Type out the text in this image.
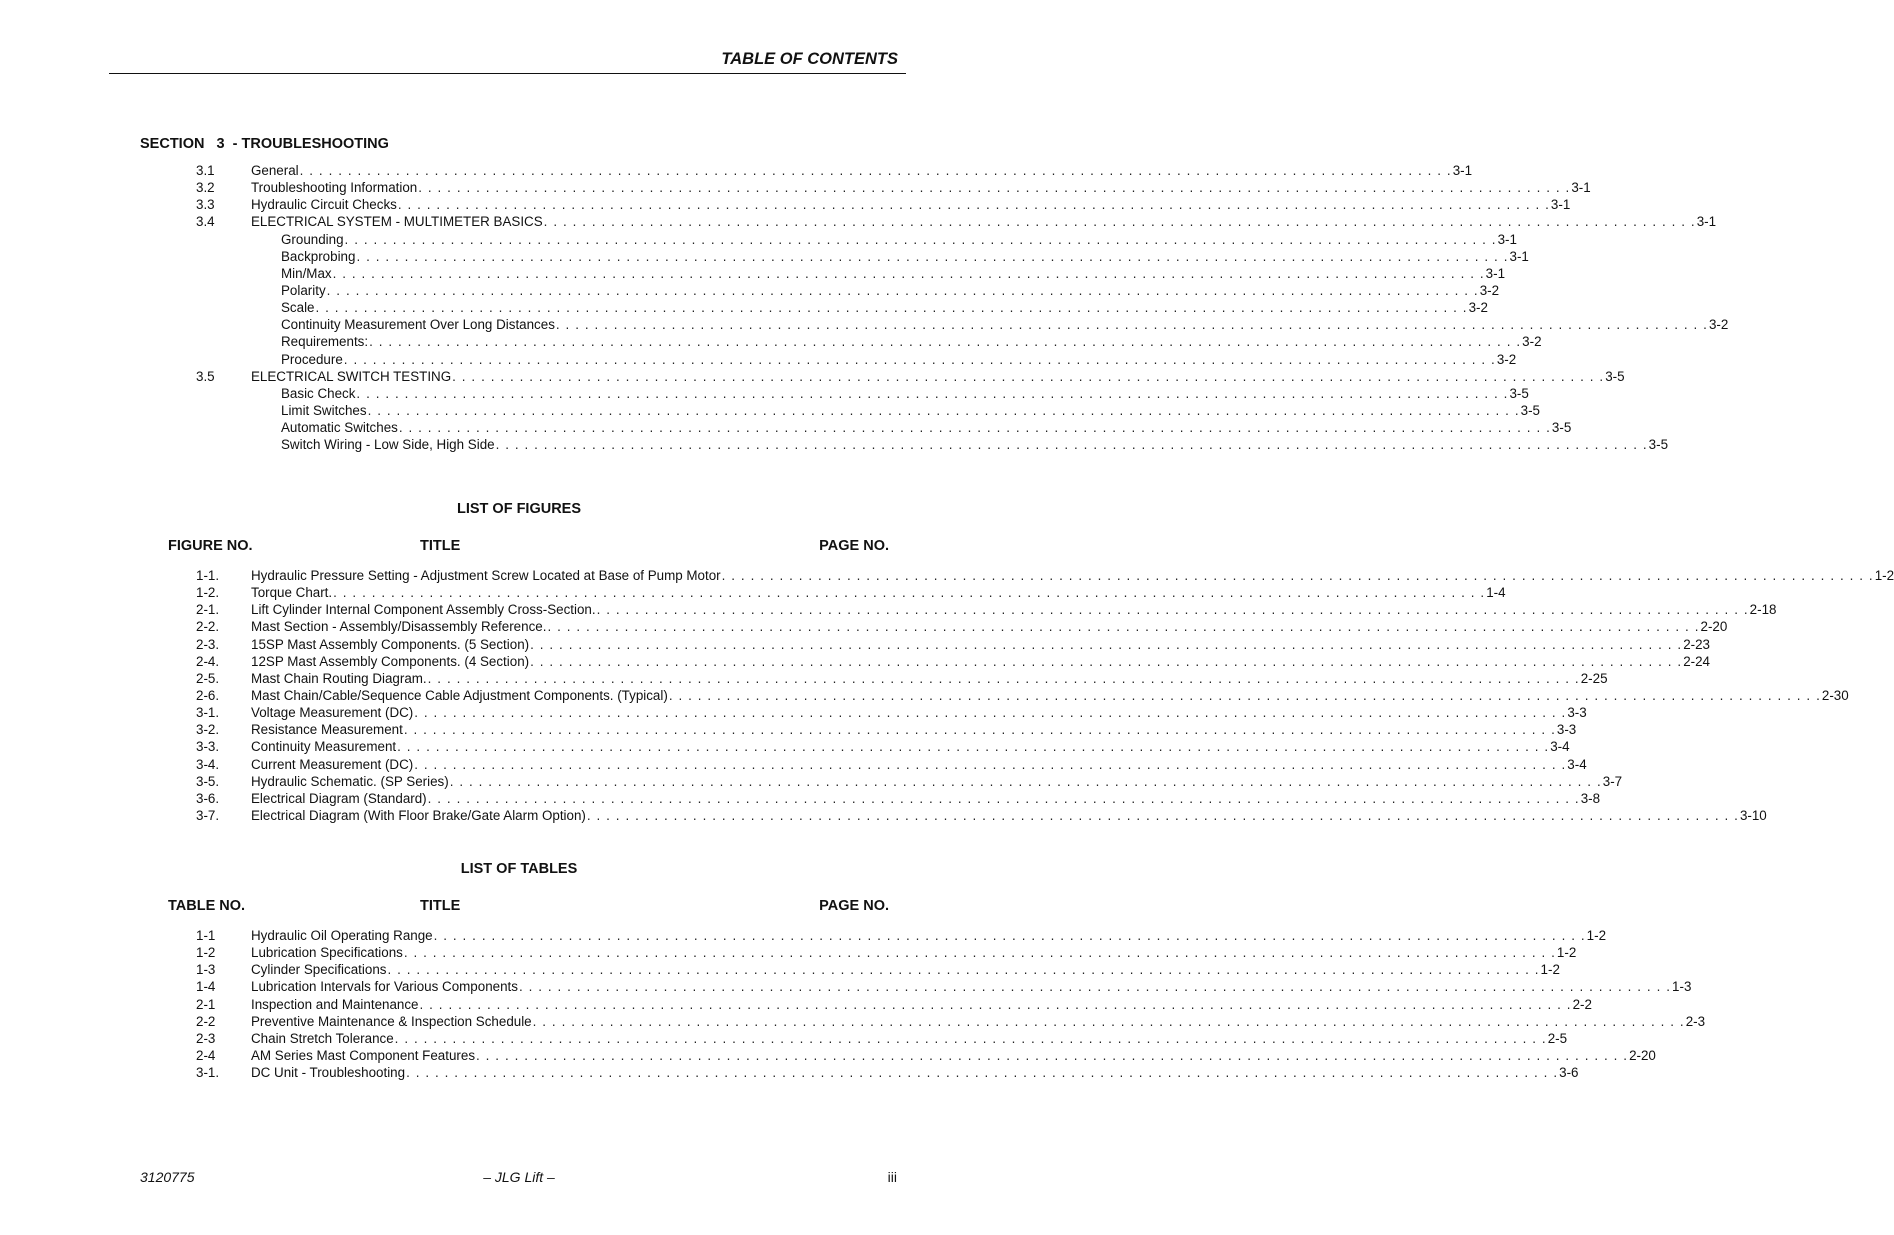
TABLE OF CONTENTS
SECTION   3  - TROUBLESHOOTING
3.1	General . . . . . . . . . . . . . . . . . . . . . . . . . . . . . . . . . . . . . . . . . . . . . . . . . . . . . . . . . . . . . . . . . . . . . . . . . . . . . . . . . . . . . . . . . . . . . . . . . . . . . . . . . . . . . . . . . . . . . . . . 3-1
3.2	Troubleshooting Information . . . . . . . . . . . . . . . . . . . . . . . . . . . . . . . . . . . . . . . . . . . . . . . . . . . . . . . . . . . . . . . . . . . . . . . . . . . . . . . . . . . . . . . . . . . . . . . . . . . . . . . . . . . . . . . . . . . . . . . . 3-1
3.3	Hydraulic Circuit Checks . . . . . . . . . . . . . . . . . . . . . . . . . . . . . . . . . . . . . . . . . . . . . . . . . . . . . . . . . . . . . . . . . . . . . . . . . . . . . . . . . . . . . . . . . . . . . . . . . . . . . . . . . . . . . . . . . . . . . . . . 3-1
3.4	ELECTRICAL SYSTEM - MULTIMETER BASICS . . . . . . . . . . . . . . . . . . . . . . . . . . . . . . . . . . . . . . . . . . . . . . . . . . . . . . . . . . . . . . . . . . . . . . . . . . . . . . . . . . . . . . . . . . . . . . . . . . . . . . . . . . . . . . . . . . . . . . . . 3-1
Grounding . . . . . . . . . . . . . . . . . . . . . . . . . . . . . . . . . . . . . . . . . . . . . . . . . . . . . . . . . . . . . . . . . . . . . . . . . . . . . . . . . . . . . . . . . . . . . . . . . . . . . . . . . . . . . . . . . . . . . . . . 3-1
Backprobing . . . . . . . . . . . . . . . . . . . . . . . . . . . . . . . . . . . . . . . . . . . . . . . . . . . . . . . . . . . . . . . . . . . . . . . . . . . . . . . . . . . . . . . . . . . . . . . . . . . . . . . . . . . . . . . . . . . . . . . . 3-1
Min/Max . . . . . . . . . . . . . . . . . . . . . . . . . . . . . . . . . . . . . . . . . . . . . . . . . . . . . . . . . . . . . . . . . . . . . . . . . . . . . . . . . . . . . . . . . . . . . . . . . . . . . . . . . . . . . . . . . . . . . . . . 3-1
Polarity . . . . . . . . . . . . . . . . . . . . . . . . . . . . . . . . . . . . . . . . . . . . . . . . . . . . . . . . . . . . . . . . . . . . . . . . . . . . . . . . . . . . . . . . . . . . . . . . . . . . . . . . . . . . . . . . . . . . . . . . 3-2
Scale . . . . . . . . . . . . . . . . . . . . . . . . . . . . . . . . . . . . . . . . . . . . . . . . . . . . . . . . . . . . . . . . . . . . . . . . . . . . . . . . . . . . . . . . . . . . . . . . . . . . . . . . . . . . . . . . . . . . . . . . 3-2
Continuity Measurement Over Long Distances . . . . . . . . . . . . . . . . . . . . . . . . . . . . . . . . . . . . . . . . . . . . . . . . . . . . . . . . . . . . . . . . . . . . . . . . . . . . . . . . . . . . . . . . . . . . . . . . . . . . . . . . . . . . . . . . . . . . . . . . 3-2
Requirements: . . . . . . . . . . . . . . . . . . . . . . . . . . . . . . . . . . . . . . . . . . . . . . . . . . . . . . . . . . . . . . . . . . . . . . . . . . . . . . . . . . . . . . . . . . . . . . . . . . . . . . . . . . . . . . . . . . . . . . . . 3-2
Procedure . . . . . . . . . . . . . . . . . . . . . . . . . . . . . . . . . . . . . . . . . . . . . . . . . . . . . . . . . . . . . . . . . . . . . . . . . . . . . . . . . . . . . . . . . . . . . . . . . . . . . . . . . . . . . . . . . . . . . . . . 3-2
3.5	ELECTRICAL SWITCH TESTING . . . . . . . . . . . . . . . . . . . . . . . . . . . . . . . . . . . . . . . . . . . . . . . . . . . . . . . . . . . . . . . . . . . . . . . . . . . . . . . . . . . . . . . . . . . . . . . . . . . . . . . . . . . . . . . . . . . . . . . . 3-5
Basic Check . . . . . . . . . . . . . . . . . . . . . . . . . . . . . . . . . . . . . . . . . . . . . . . . . . . . . . . . . . . . . . . . . . . . . . . . . . . . . . . . . . . . . . . . . . . . . . . . . . . . . . . . . . . . . . . . . . . . . . . . 3-5
Limit Switches . . . . . . . . . . . . . . . . . . . . . . . . . . . . . . . . . . . . . . . . . . . . . . . . . . . . . . . . . . . . . . . . . . . . . . . . . . . . . . . . . . . . . . . . . . . . . . . . . . . . . . . . . . . . . . . . . . . . . . . . 3-5
Automatic Switches . . . . . . . . . . . . . . . . . . . . . . . . . . . . . . . . . . . . . . . . . . . . . . . . . . . . . . . . . . . . . . . . . . . . . . . . . . . . . . . . . . . . . . . . . . . . . . . . . . . . . . . . . . . . . . . . . . . . . . . . 3-5
Switch Wiring - Low Side, High Side . . . . . . . . . . . . . . . . . . . . . . . . . . . . . . . . . . . . . . . . . . . . . . . . . . . . . . . . . . . . . . . . . . . . . . . . . . . . . . . . . . . . . . . . . . . . . . . . . . . . . . . . . . . . . . . . . . . . . . . . 3-5
LIST OF FIGURES
FIGURE NO.	TITLE	PAGE NO.
1-1.	Hydraulic Pressure Setting - Adjustment Screw Located at Base of Pump Motor . . . . . . . . . . . . . . . . . . . . . . . . . . . . . . . . . . . . . . . . . . . . . . . . . . . . . . . . . . . . . . . . . . . . . . . . . . . . . . . . . . . . . . . . . . . . . . . . . . . . . . . . . . . . . . . . . . . . . . . . 1-2
1-2.	Torque Chart. . . . . . . . . . . . . . . . . . . . . . . . . . . . . . . . . . . . . . . . . . . . . . . . . . . . . . . . . . . . . . . . . . . . . . . . . . . . . . . . . . . . . . . . . . . . . . . . . . . . . . . . . . . . . . . . . . . . . . . . . 1-4
2-1.	Lift Cylinder Internal Component Assembly Cross-Section. . . . . . . . . . . . . . . . . . . . . . . . . . . . . . . . . . . . . . . . . . . . . . . . . . . . . . . . . . . . . . . . . . . . . . . . . . . . . . . . . . . . . . . . . . . . . . . . . . . . . . . . . . . . . . . . . . . . . . . . . 2-18
2-2.	Mast Section - Assembly/Disassembly Reference. . . . . . . . . . . . . . . . . . . . . . . . . . . . . . . . . . . . . . . . . . . . . . . . . . . . . . . . . . . . . . . . . . . . . . . . . . . . . . . . . . . . . . . . . . . . . . . . . . . . . . . . . . . . . . . . . . . . . . . . . 2-20
2-3.	15SP Mast Assembly Components. (5 Section) . . . . . . . . . . . . . . . . . . . . . . . . . . . . . . . . . . . . . . . . . . . . . . . . . . . . . . . . . . . . . . . . . . . . . . . . . . . . . . . . . . . . . . . . . . . . . . . . . . . . . . . . . . . . . . . . . . . . . . . . 2-23
2-4.	12SP Mast Assembly Components. (4 Section) . . . . . . . . . . . . . . . . . . . . . . . . . . . . . . . . . . . . . . . . . . . . . . . . . . . . . . . . . . . . . . . . . . . . . . . . . . . . . . . . . . . . . . . . . . . . . . . . . . . . . . . . . . . . . . . . . . . . . . . . 2-24
2-5.	Mast Chain Routing Diagram. . . . . . . . . . . . . . . . . . . . . . . . . . . . . . . . . . . . . . . . . . . . . . . . . . . . . . . . . . . . . . . . . . . . . . . . . . . . . . . . . . . . . . . . . . . . . . . . . . . . . . . . . . . . . . . . . . . . . . . . . 2-25
2-6.	Mast Chain/Cable/Sequence Cable Adjustment Components. (Typical) . . . . . . . . . . . . . . . . . . . . . . . . . . . . . . . . . . . . . . . . . . . . . . . . . . . . . . . . . . . . . . . . . . . . . . . . . . . . . . . . . . . . . . . . . . . . . . . . . . . . . . . . . . . . . . . . . . . . . . . . 2-30
3-1.	Voltage Measurement (DC) . . . . . . . . . . . . . . . . . . . . . . . . . . . . . . . . . . . . . . . . . . . . . . . . . . . . . . . . . . . . . . . . . . . . . . . . . . . . . . . . . . . . . . . . . . . . . . . . . . . . . . . . . . . . . . . . . . . . . . . . 3-3
3-2.	Resistance Measurement . . . . . . . . . . . . . . . . . . . . . . . . . . . . . . . . . . . . . . . . . . . . . . . . . . . . . . . . . . . . . . . . . . . . . . . . . . . . . . . . . . . . . . . . . . . . . . . . . . . . . . . . . . . . . . . . . . . . . . . . 3-3
3-3.	Continuity Measurement . . . . . . . . . . . . . . . . . . . . . . . . . . . . . . . . . . . . . . . . . . . . . . . . . . . . . . . . . . . . . . . . . . . . . . . . . . . . . . . . . . . . . . . . . . . . . . . . . . . . . . . . . . . . . . . . . . . . . . . . 3-4
3-4.	Current Measurement (DC) . . . . . . . . . . . . . . . . . . . . . . . . . . . . . . . . . . . . . . . . . . . . . . . . . . . . . . . . . . . . . . . . . . . . . . . . . . . . . . . . . . . . . . . . . . . . . . . . . . . . . . . . . . . . . . . . . . . . . . . . 3-4
3-5.	Hydraulic Schematic. (SP Series) . . . . . . . . . . . . . . . . . . . . . . . . . . . . . . . . . . . . . . . . . . . . . . . . . . . . . . . . . . . . . . . . . . . . . . . . . . . . . . . . . . . . . . . . . . . . . . . . . . . . . . . . . . . . . . . . . . . . . . . . 3-7
3-6.	Electrical Diagram (Standard) . . . . . . . . . . . . . . . . . . . . . . . . . . . . . . . . . . . . . . . . . . . . . . . . . . . . . . . . . . . . . . . . . . . . . . . . . . . . . . . . . . . . . . . . . . . . . . . . . . . . . . . . . . . . . . . . . . . . . . . . 3-8
3-7.	Electrical Diagram (With Floor Brake/Gate Alarm Option) . . . . . . . . . . . . . . . . . . . . . . . . . . . . . . . . . . . . . . . . . . . . . . . . . . . . . . . . . . . . . . . . . . . . . . . . . . . . . . . . . . . . . . . . . . . . . . . . . . . . . . . . . . . . . . . . . . . . . . . . 3-10
LIST OF TABLES
TABLE NO.	TITLE	PAGE NO.
1-1	Hydraulic Oil Operating Range . . . . . . . . . . . . . . . . . . . . . . . . . . . . . . . . . . . . . . . . . . . . . . . . . . . . . . . . . . . . . . . . . . . . . . . . . . . . . . . . . . . . . . . . . . . . . . . . . . . . . . . . . . . . . . . . . . . . . . . . 1-2
1-2	Lubrication Specifications . . . . . . . . . . . . . . . . . . . . . . . . . . . . . . . . . . . . . . . . . . . . . . . . . . . . . . . . . . . . . . . . . . . . . . . . . . . . . . . . . . . . . . . . . . . . . . . . . . . . . . . . . . . . . . . . . . . . . . . . 1-2
1-3	Cylinder Specifications . . . . . . . . . . . . . . . . . . . . . . . . . . . . . . . . . . . . . . . . . . . . . . . . . . . . . . . . . . . . . . . . . . . . . . . . . . . . . . . . . . . . . . . . . . . . . . . . . . . . . . . . . . . . . . . . . . . . . . . . 1-2
1-4	Lubrication Intervals for Various Components . . . . . . . . . . . . . . . . . . . . . . . . . . . . . . . . . . . . . . . . . . . . . . . . . . . . . . . . . . . . . . . . . . . . . . . . . . . . . . . . . . . . . . . . . . . . . . . . . . . . . . . . . . . . . . . . . . . . . . . . 1-3
2-1	Inspection and Maintenance . . . . . . . . . . . . . . . . . . . . . . . . . . . . . . . . . . . . . . . . . . . . . . . . . . . . . . . . . . . . . . . . . . . . . . . . . . . . . . . . . . . . . . . . . . . . . . . . . . . . . . . . . . . . . . . . . . . . . . . . 2-2
2-2	Preventive Maintenance & Inspection Schedule . . . . . . . . . . . . . . . . . . . . . . . . . . . . . . . . . . . . . . . . . . . . . . . . . . . . . . . . . . . . . . . . . . . . . . . . . . . . . . . . . . . . . . . . . . . . . . . . . . . . . . . . . . . . . . . . . . . . . . . . 2-3
2-3	Chain Stretch Tolerance . . . . . . . . . . . . . . . . . . . . . . . . . . . . . . . . . . . . . . . . . . . . . . . . . . . . . . . . . . . . . . . . . . . . . . . . . . . . . . . . . . . . . . . . . . . . . . . . . . . . . . . . . . . . . . . . . . . . . . . . 2-5
2-4	AM Series Mast Component Features . . . . . . . . . . . . . . . . . . . . . . . . . . . . . . . . . . . . . . . . . . . . . . . . . . . . . . . . . . . . . . . . . . . . . . . . . . . . . . . . . . . . . . . . . . . . . . . . . . . . . . . . . . . . . . . . . . . . . . . . 2-20
3-1.	DC Unit - Troubleshooting . . . . . . . . . . . . . . . . . . . . . . . . . . . . . . . . . . . . . . . . . . . . . . . . . . . . . . . . . . . . . . . . . . . . . . . . . . . . . . . . . . . . . . . . . . . . . . . . . . . . . . . . . . . . . . . . . . . . . . . . 3-6
3120775	– JLG Lift –	iii
